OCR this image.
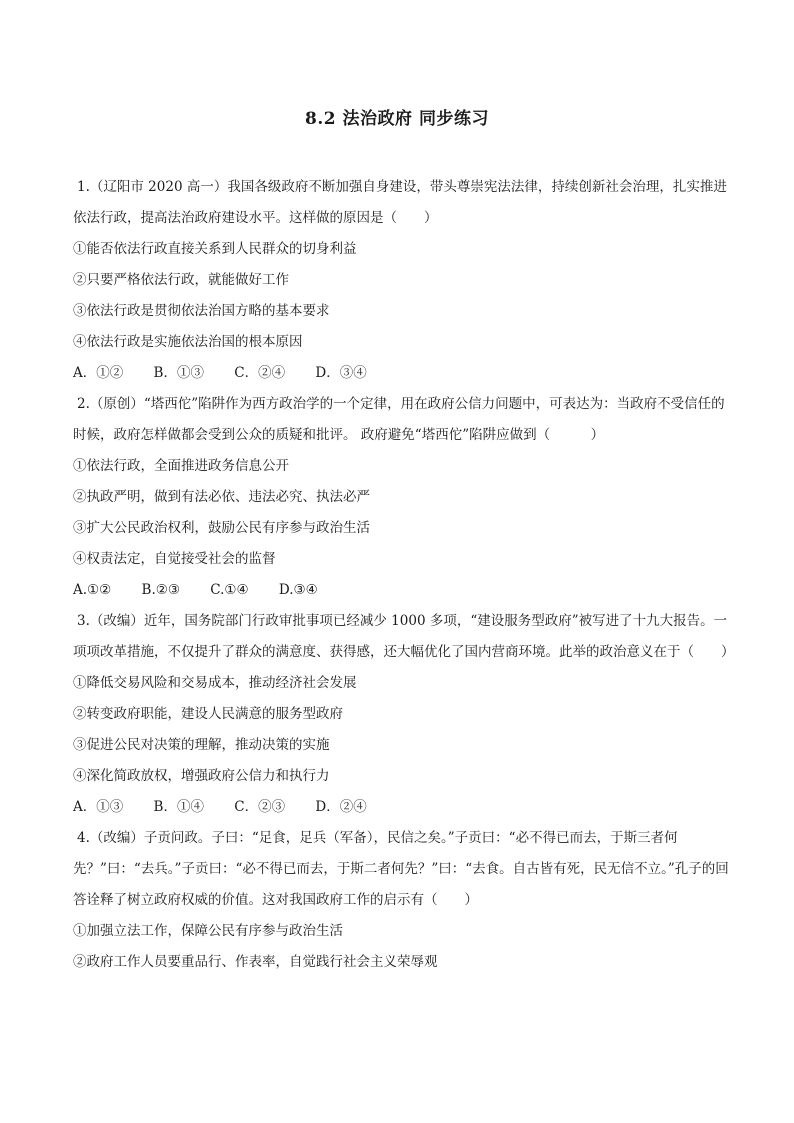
8.2 法治政府 同步练习
1.（辽阳市 2020 高一）我国各级政府不断加强自身建设，带头尊崇宪法法律，持续创新社会治理，扎实推进依法行政，提高法治政府建设水平。这样做的原因是（　　）
①能否依法行政直接关系到人民群众的切身利益
②只要严格依法行政，就能做好工作
③依法行政是贯彻依法治国方略的基本要求
④依法行政是实施依法治国的根本原因
A．①② B．①③ C．②④ D．③④
2.（原创）“塔西佗”陷阱作为西方政治学的一个定律，用在政府公信力问题中，可表达为：当政府不受信任的时候，政府怎样做都会受到公众的质疑和批评。 政府避免“塔西佗”陷阱应做到（　　　）
①依法行政，全面推进政务信息公开
②执政严明，做到有法必依、违法必究、执法必严
③扩大公民政治权利，鼓励公民有序参与政治生活
④权责法定，自觉接受社会的监督
A.①② B.②③ C.①④ D.③④
3.（改编）近年，国务院部门行政审批事项已经减少 1000 多项，“建设服务型政府”被写进了十九大报告。一项项改革措施，不仅提升了群众的满意度、获得感，还大幅优化了国内营商环境。此举的政治意义在于（　　）
①降低交易风险和交易成本，推动经济社会发展
②转变政府职能，建设人民满意的服务型政府
③促进公民对决策的理解，推动决策的实施
④深化简政放权，增强政府公信力和执行力
A．①③ B．①④ C．②③ D．②④
4.（改编）子贡问政。子曰：“足食，足兵（军备），民信之矣。”子贡曰：“必不得已而去，于斯三者何先？”曰：“去兵。”子贡曰：“必不得已而去，于斯二者何先？”曰：“去食。自古皆有死，民无信不立。”孔子的回答诠释了树立政府权威的价值。这对我国政府工作的启示有（　　）
①加强立法工作，保障公民有序参与政治生活
②政府工作人员要重品行、作表率，自觉践行社会主义荣辱观
